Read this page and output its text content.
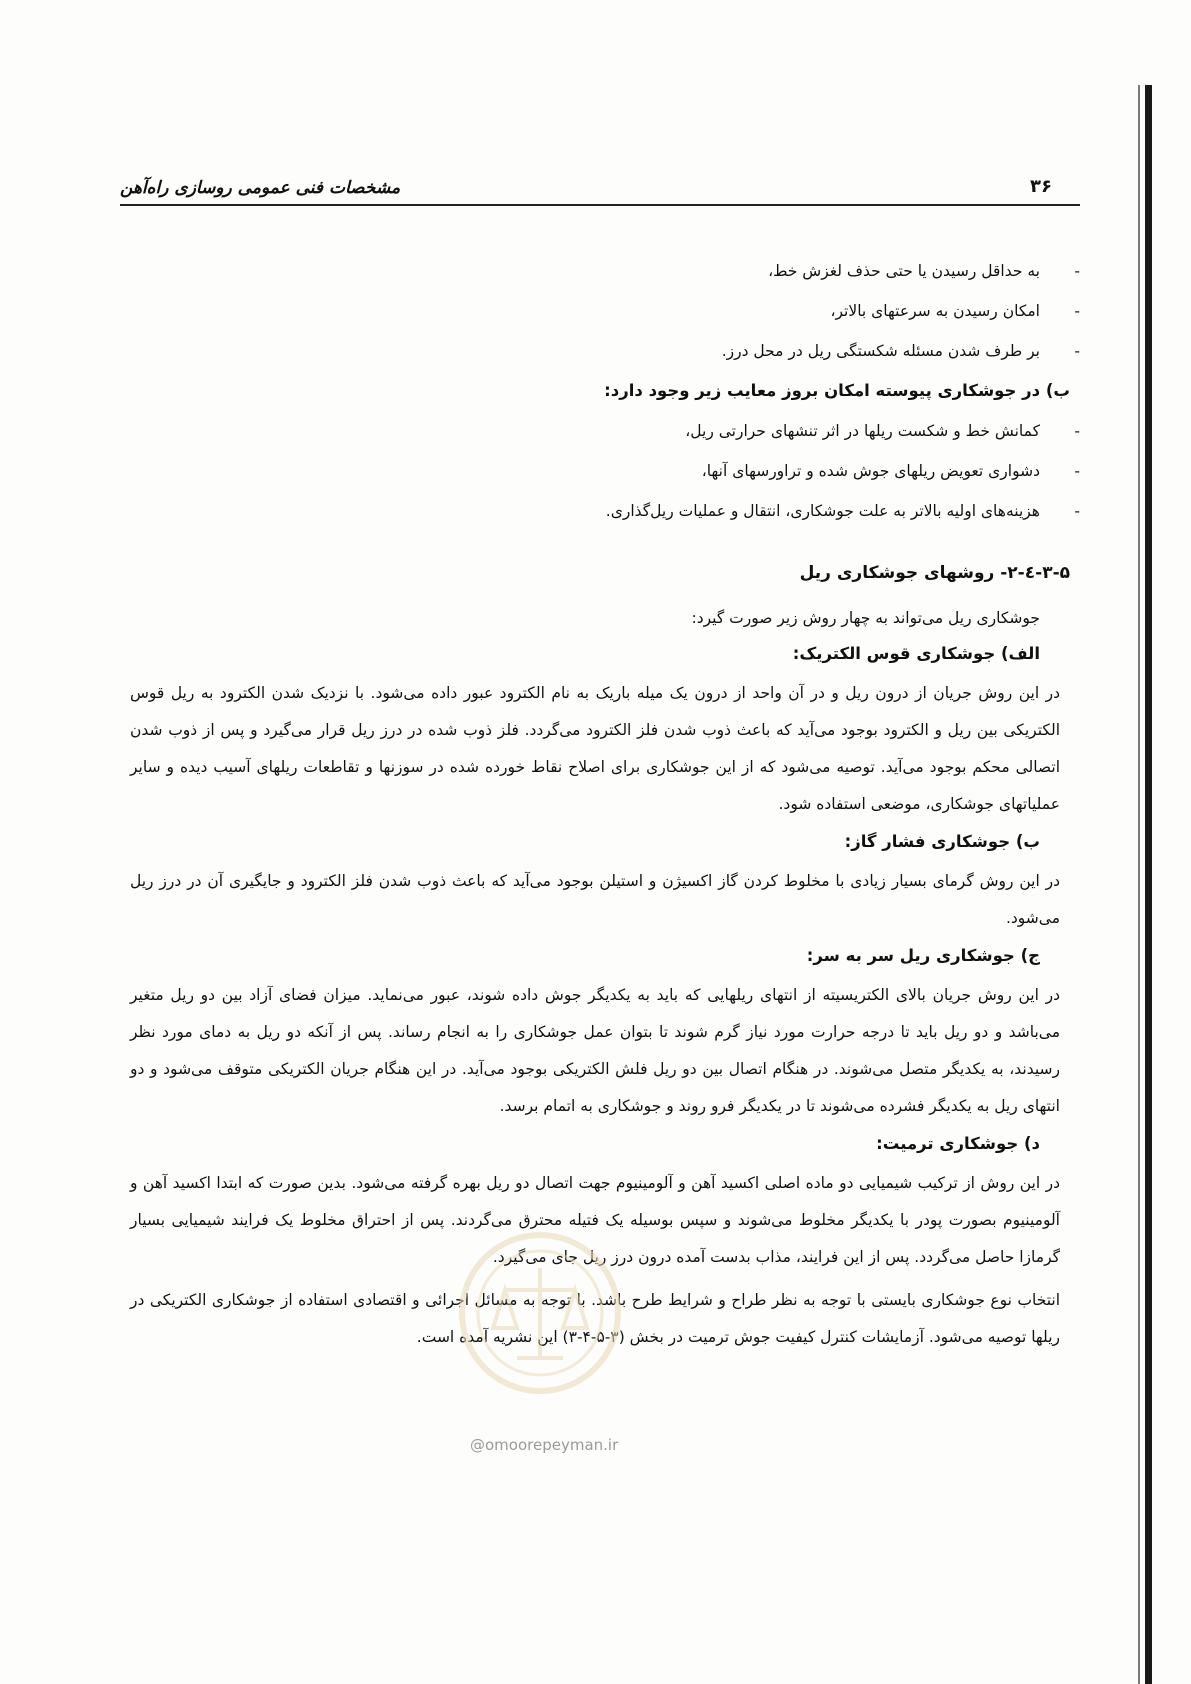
۳۶
مشخصات فنی عمومی روسازی راه‌آهن
-
به حداقل رسیدن یا حتی حذف لغزش خط،
-
امکان رسیدن به سرعتهای بالاتر،
-
بر طرف شدن مسئله شکستگی ریل در محل درز.
ب) در جوشکاری پیوسته امکان بروز معایب زیر وجود دارد:
-
کمانش خط و شکست ریلها در اثر تنشهای حرارتی ریل،
-
دشواری تعویض ریلهای جوش شده و تراورسهای آنها،
-
هزینه‌های اولیه بالاتر به علت جوشکاری، انتقال و عملیات ریل‌گذاری.
۳-۵-٤-۲- روشهای جوشکاری ریل
جوشکاری ریل می‌تواند به چهار روش زیر صورت گیرد:
الف) جوشکاری قوس الکتریک:
در این روش جریان از درون ریل و در آن واحد از درون یک میله باریک به نام الکترود عبور داده می‌شود. با نزدیک شدن الکترود به ریل قوس الکتریکی بین ریل و الکترود بوجود می‌آید که باعث ذوب شدن فلز الکترود می‌گردد. فلز ذوب شده در درز ریل قرار می‌گیرد و پس از ذوب شدن اتصالی محکم بوجود می‌آید. توصیه می‌شود که از این جوشکاری برای اصلاح نقاط خورده شده در سوزنها و تقاطعات ریلهای آسیب دیده و سایر عملیاتهای جوشکاری، موضعی استفاده شود.
ب) جوشکاری فشار گاز:
در این روش گرمای بسیار زیادی با مخلوط کردن گاز اکسیژن و استیلن بوجود می‌آید که باعث ذوب شدن فلز الکترود و جایگیری آن در درز ریل می‌شود.
ج) جوشکاری ریل سر به سر:
در این روش جریان بالای الکتریسیته از انتهای ریلهایی که باید به یکدیگر جوش داده شوند، عبور می‌نماید. میزان فضای آزاد بین دو ریل متغیر می‌باشد و دو ریل باید تا درجه حرارت مورد نیاز گرم شوند تا بتوان عمل جوشکاری را به انجام رساند. پس از آنکه دو ریل به دمای مورد نظر رسیدند، به یکدیگر متصل می‌شوند. در هنگام اتصال بین دو ریل فلش الکتریکی بوجود می‌آید. در این هنگام جریان الکتریکی متوقف می‌شود و دو انتهای ریل به یکدیگر فشرده می‌شوند تا در یکدیگر فرو روند و جوشکاری به اتمام برسد.
د) جوشکاری ترمیت:
در این روش از ترکیب شیمیایی دو ماده اصلی اکسید آهن و آلومینیوم جهت اتصال دو ریل بهره گرفته می‌شود. بدین صورت که ابتدا اکسید آهن و آلومینیوم بصورت پودر با یکدیگر مخلوط می‌شوند و سپس بوسیله یک فتیله محترق می‌گردند. پس از احتراق مخلوط یک فرایند شیمیایی بسیار گرمازا حاصل می‌گردد. پس از این فرایند، مذاب بدست آمده درون درز ریل جای می‌گیرد.
انتخاب نوع جوشکاری بایستی با توجه به نظر طراح و شرایط طرح باشد. با توجه به مسائل اجرائی و اقتصادی استفاده از جوشکاری الکتریکی در ریلها توصیه می‌شود. آزمایشات کنترل کیفیت جوش ترمیت در بخش (۳-۵-۴-۳) این نشریه آمده است.
@omoorepeyman.ir
